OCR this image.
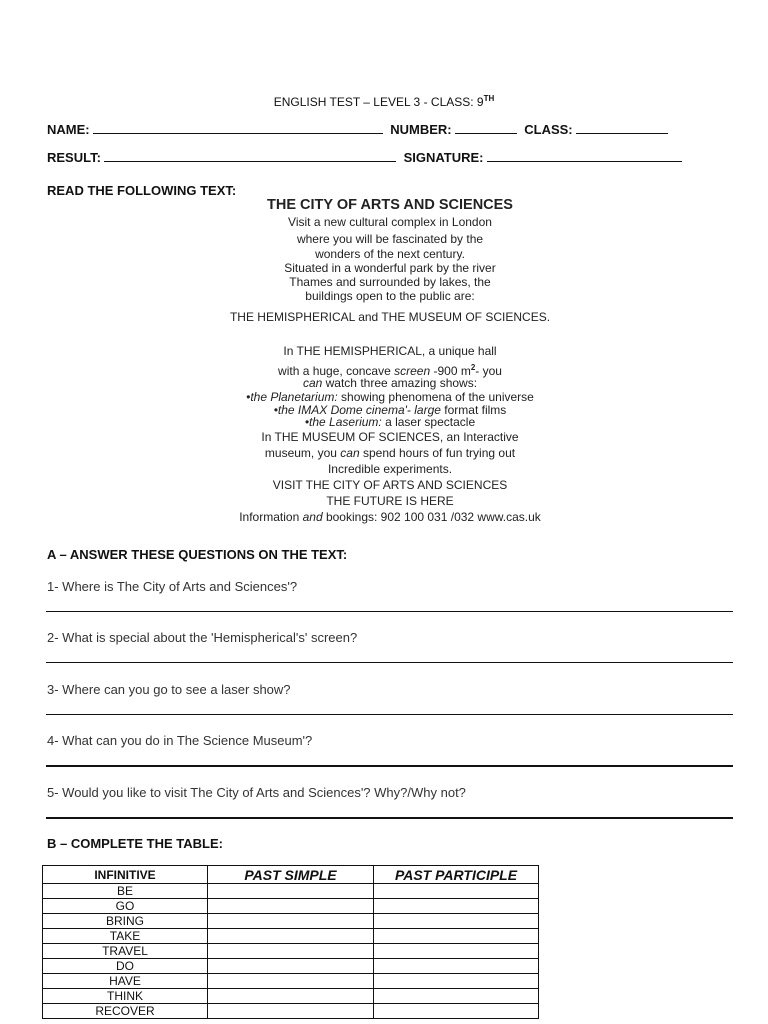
ENGLISH TEST – LEVEL 3 - CLASS: 9TH
NAME:	NUMBER:	CLASS:
RESULT:	SIGNATURE:
READ THE FOLLOWING TEXT:
THE CITY OF ARTS AND SCIENCES
Visit a new cultural complex in London
where you will be fascinated by the
wonders of the next century.
Situated in a wonderful park by the river
Thames and surrounded by lakes, the
buildings open to the public are:
THE HEMISPHERICAL and THE MUSEUM OF SCIENCES.
In THE HEMISPHERICAL, a unique hall
with a huge, concave screen -900 $m^2-$ you
can watch three amazing shows:
•the Planetarium: showing phenomena of the universe
•the IMAX Dome cinema'- large format films
•the Laserium: a laser spectacle
In THE MUSEUM OF SCIENCES, an Interactive
museum, you can spend hours of fun trying out
Incredible experiments.
VISIT THE CITY OF ARTS AND SCIENCES
THE FUTURE IS HERE
Information and bookings: 902 100 031 /032 www.cas.uk
A – ANSWER THESE QUESTIONS ON THE TEXT:
1- Where is The City of Arts and Sciences'?
2- What is special about the 'Hemispherical's' screen?
3- Where can you go to see a laser show?
4- What can you do in The Science Museum'?
5- Would you like to visit The City of Arts and Sciences'? Why?/Why not?
B – COMPLETE THE TABLE:
INFINITIVE	PAST SIMPLE	PAST PARTICIPLE
BE		
GO		
BRING		
TAKE		
TRAVEL		
DO		
HAVE		
THINK		
RECOVER		
